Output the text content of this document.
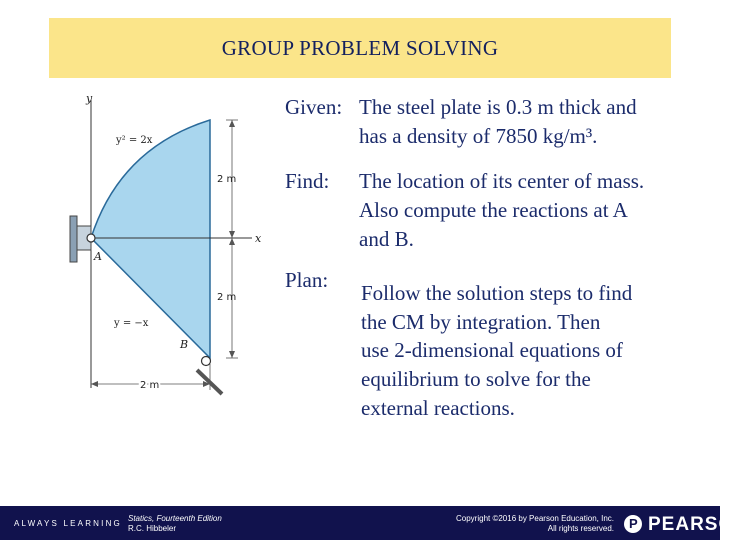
GROUP PROBLEM SOLVING
y
x
A
B
y² = 2x
y = −x
2 m
2 m
2 m
Given: The steel plate is 0.3 m thick and
has a density of 7850 kg/m³.
Find: The location of its center of mass.
Also compute the reactions at A
and B.
Plan:
Follow the solution steps to find
the CM by integration. Then
use 2-dimensional equations of
equilibrium to solve for the
external reactions.
ALWAYS LEARNING
Statics, Fourteenth Edition
R.C. Hibbeler
Copyright ©2016 by Pearson Education, Inc.
All rights reserved. P PEARSON
